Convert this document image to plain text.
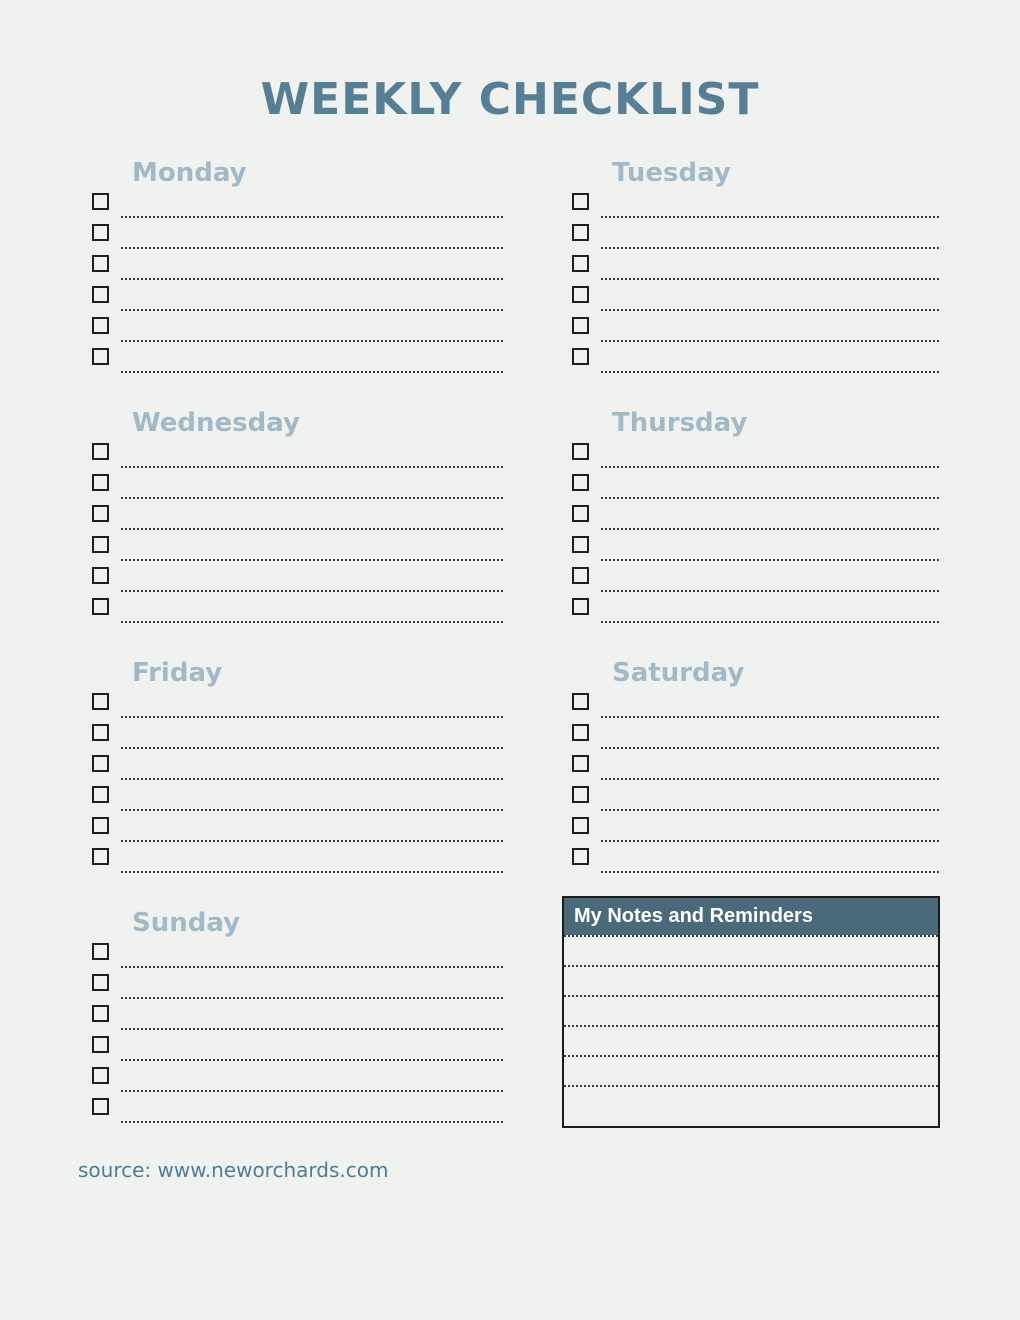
WEEKLY CHECKLIST
Monday	Tuesday
Wednesday	Thursday
Friday	Saturday
Sunday	My Notes and Reminders
source: www.neworchards.com
